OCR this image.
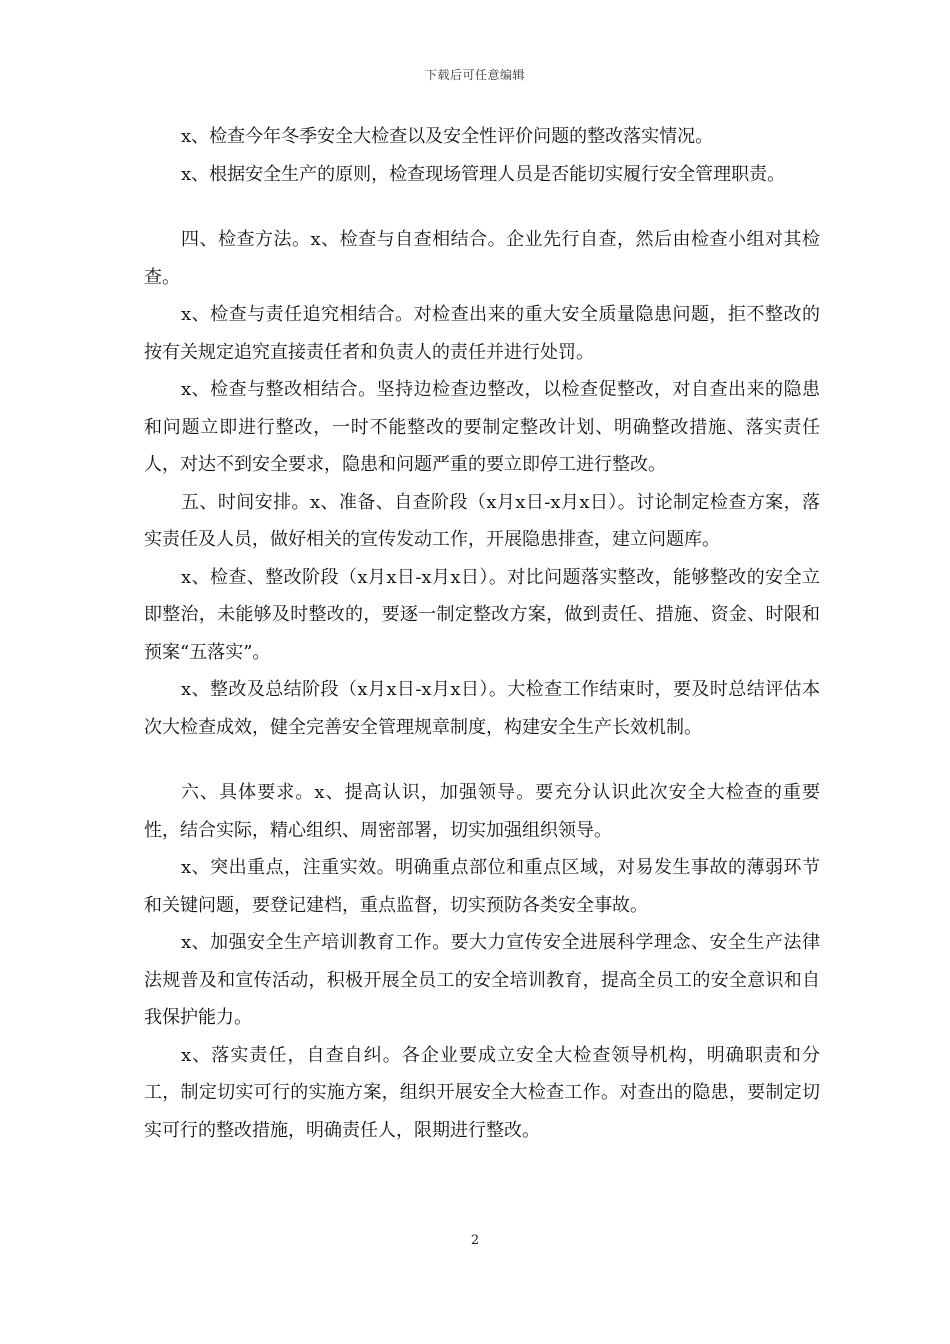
下载后可任意编辑

x、检查今年冬季安全大检查以及安全性评价问题的整改落实情况。

x、根据安全生产的原则，检查现场管理人员是否能切实履行安全管理职责。

四、检查方法。x、检查与自查相结合。企业先行自查，然后由检查小组对其检查。

x、检查与责任追究相结合。对检查出来的重大安全质量隐患问题，拒不整改的按有关规定追究直接责任者和负责人的责任并进行处罚。

x、检查与整改相结合。坚持边检查边整改，以检查促整改，对自查出来的隐患和问题立即进行整改，一时不能整改的要制定整改计划、明确整改措施、落实责任人，对达不到安全要求，隐患和问题严重的要立即停工进行整改。

五、时间安排。x、准备、自查阶段（x月x日-x月x日）。讨论制定检查方案，落实责任及人员，做好相关的宣传发动工作，开展隐患排查，建立问题库。

x、检查、整改阶段（x月x日-x月x日）。对比问题落实整改，能够整改的安全立即整治，未能够及时整改的，要逐一制定整改方案，做到责任、措施、资金、时限和预案“五落实”。

x、整改及总结阶段（x月x日-x月x日）。大检查工作结束时，要及时总结评估本次大检查成效，健全完善安全管理规章制度，构建安全生产长效机制。

六、具体要求。x、提高认识，加强领导。要充分认识此次安全大检查的重要性，结合实际，精心组织、周密部署，切实加强组织领导。

x、突出重点，注重实效。明确重点部位和重点区域，对易发生事故的薄弱环节和关键问题，要登记建档，重点监督，切实预防各类安全事故。

x、加强安全生产培训教育工作。要大力宣传安全进展科学理念、安全生产法律法规普及和宣传活动，积极开展全员工的安全培训教育，提高全员工的安全意识和自我保护能力。

x、落实责任，自查自纠。各企业要成立安全大检查领导机构，明确职责和分工，制定切实可行的实施方案，组织开展安全大检查工作。对查出的隐患，要制定切实可行的整改措施，明确责任人，限期进行整改。

2
